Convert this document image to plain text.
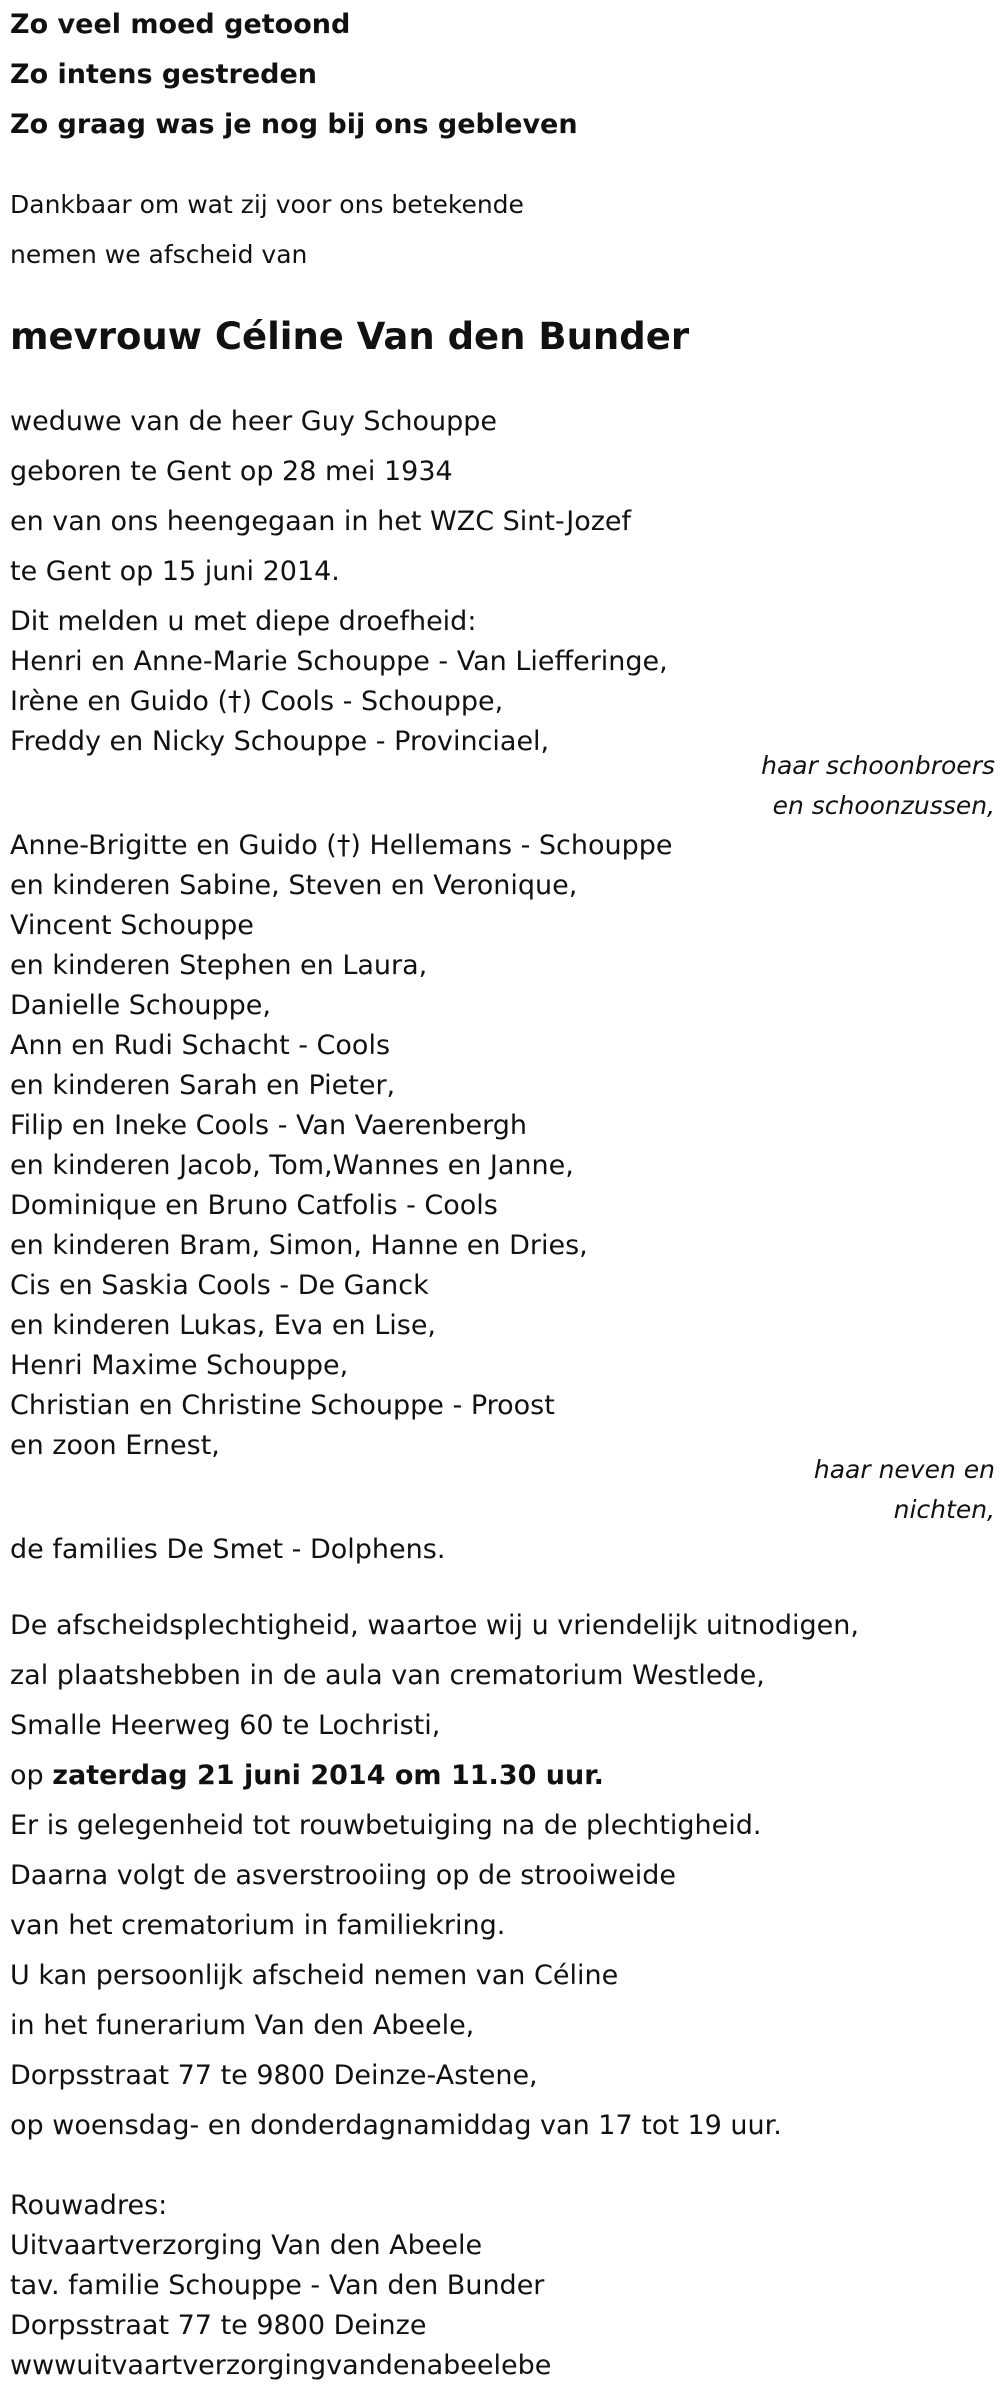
Zo veel moed getoond
Zo intens gestreden
Zo graag was je nog bij ons gebleven
Dankbaar om wat zij voor ons betekende
nemen we afscheid van
mevrouw Céline Van den Bunder
weduwe van de heer Guy Schouppe
geboren te Gent op 28 mei 1934
en van ons heengegaan in het WZC Sint-Jozef
te Gent op 15 juni 2014.
Dit melden u met diepe droefheid:
Henri en Anne-Marie Schouppe - Van Liefferinge,
Irène en Guido (†) Cools - Schouppe,
Freddy en Nicky Schouppe - Provinciael,
haar schoonbroers
en schoonzussen,
Anne-Brigitte en Guido (†) Hellemans - Schouppe
en kinderen Sabine, Steven en Veronique,
Vincent Schouppe
en kinderen Stephen en Laura,
Danielle Schouppe,
Ann en Rudi Schacht - Cools
en kinderen Sarah en Pieter,
Filip en Ineke Cools - Van Vaerenbergh
en kinderen Jacob, Tom,Wannes en Janne,
Dominique en Bruno Catfolis - Cools
en kinderen Bram, Simon, Hanne en Dries,
Cis en Saskia Cools - De Ganck
en kinderen Lukas, Eva en Lise,
Henri Maxime Schouppe,
Christian en Christine Schouppe - Proost
en zoon Ernest,
haar neven en
nichten,
de families De Smet - Dolphens.
De afscheidsplechtigheid, waartoe wij u vriendelijk uitnodigen,
zal plaatshebben in de aula van crematorium Westlede,
Smalle Heerweg 60 te Lochristi,
op zaterdag 21 juni 2014 om 11.30 uur.
Er is gelegenheid tot rouwbetuiging na de plechtigheid.
Daarna volgt de asverstrooiing op de strooiweide
van het crematorium in familiekring.
U kan persoonlijk afscheid nemen van Céline
in het funerarium Van den Abeele,
Dorpsstraat 77 te 9800 Deinze-Astene,
op woensdag- en donderdagnamiddag van 17 tot 19 uur.
Rouwadres:
Uitvaartverzorging Van den Abeele
tav. familie Schouppe - Van den Bunder
Dorpsstraat 77 te 9800 Deinze
wwwuitvaartverzorgingvandenabeelebe
